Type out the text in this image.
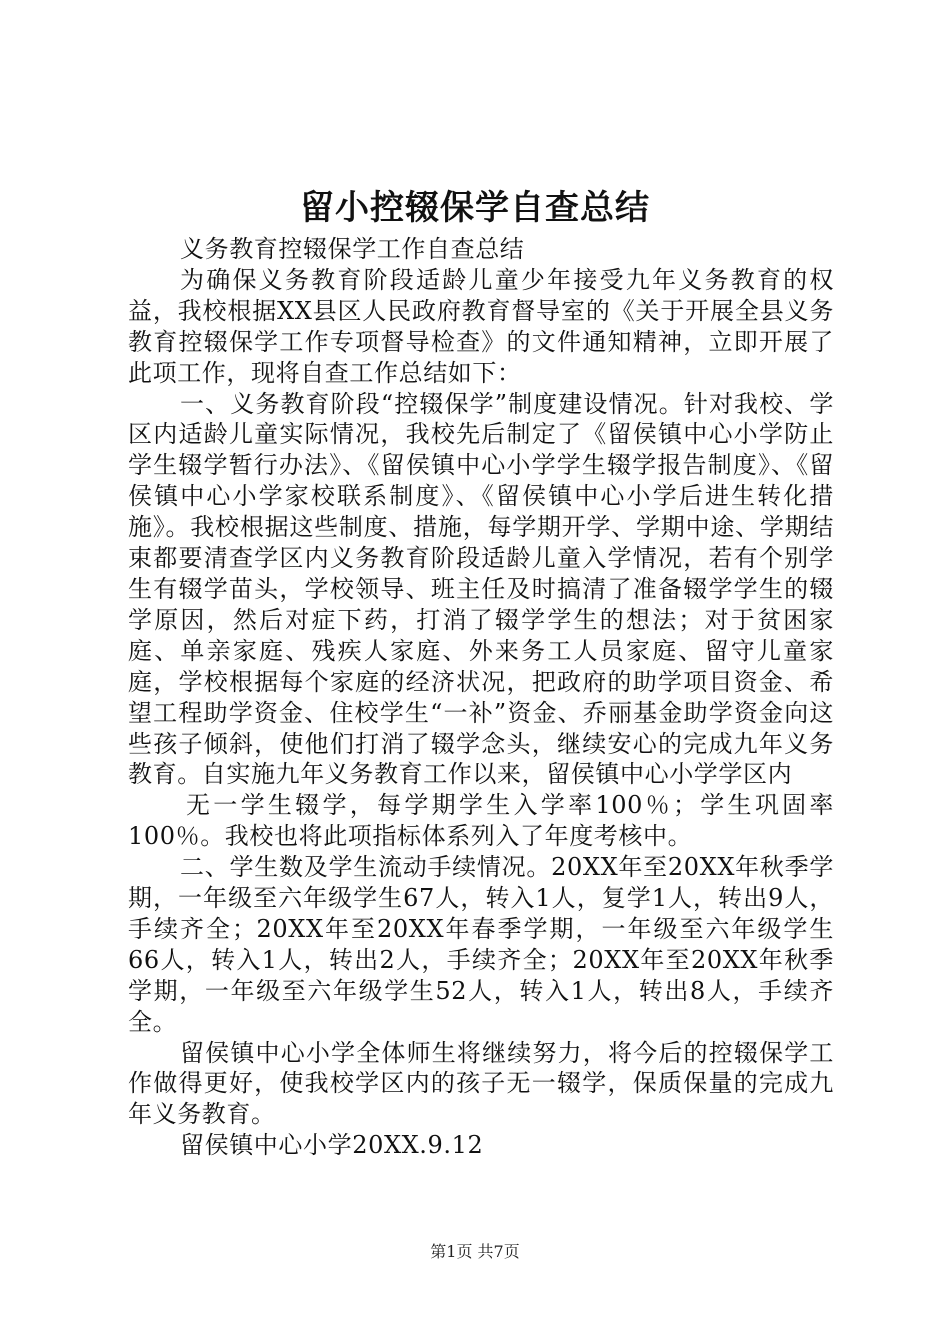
留小控辍保学自查总结

义务教育控辍保学工作自查总结

为确保义务教育阶段适龄儿童少年接受九年义务教育的权益，我校根据XX县区人民政府教育督导室的《关于开展全县义务教育控辍保学工作专项督导检查》的文件通知精神，立即开展了此项工作，现将自查工作总结如下：

一、义务教育阶段“控辍保学”制度建设情况。针对我校、学区内适龄儿童实际情况，我校先后制定了《留侯镇中心小学防止学生辍学暂行办法》、《留侯镇中心小学学生辍学报告制度》、《留侯镇中心小学家校联系制度》、《留侯镇中心小学后进生转化措施》。我校根据这些制度、措施，每学期开学、学期中途、学期结束都要清查学区内义务教育阶段适龄儿童入学情况，若有个别学生有辍学苗头，学校领导、班主任及时搞清了准备辍学学生的辍学原因，然后对症下药，打消了辍学学生的想法；对于贫困家庭、单亲家庭、残疾人家庭、外来务工人员家庭、留守儿童家庭，学校根据每个家庭的经济状况，把政府的助学项目资金、希望工程助学资金、住校学生“一补”资金、乔丽基金助学资金向这些孩子倾斜，使他们打消了辍学念头，继续安心的完成九年义务教育。自实施九年义务教育工作以来，留侯镇中心小学学区内

无一学生辍学，每学期学生入学率100％；学生巩固率100％。我校也将此项指标体系列入了年度考核中。

二、学生数及学生流动手续情况。20XX年至20XX年秋季学期，一年级至六年级学生67人，转入1人，复学1人，转出9人，手续齐全；20XX年至20XX年春季学期，一年级至六年级学生66人，转入1人，转出2人，手续齐全；20XX年至20XX年秋季学期，一年级至六年级学生52人，转入1人，转出8人，手续齐全。

留侯镇中心小学全体师生将继续努力，将今后的控辍保学工作做得更好，使我校学区内的孩子无一辍学，保质保量的完成九年义务教育。

留侯镇中心小学20XX.9.12

第1页 共7页
